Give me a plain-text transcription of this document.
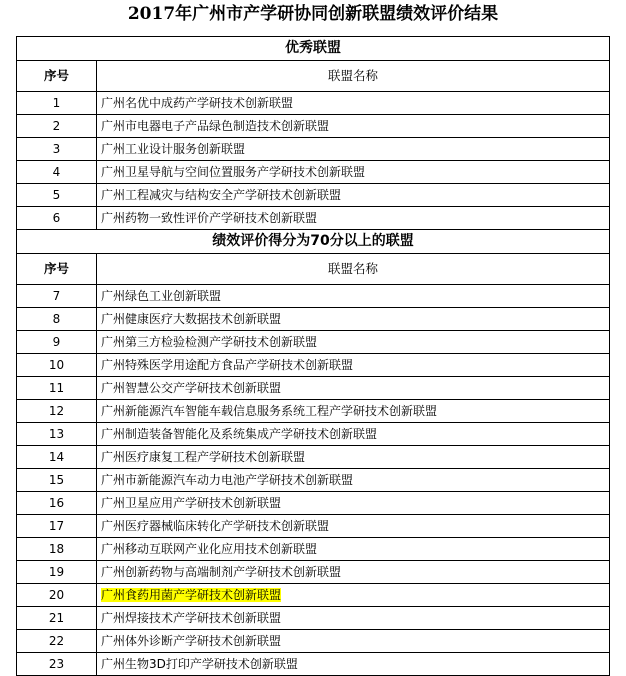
2017年广州市产学研协同创新联盟绩效评价结果
优秀联盟	
序号	联盟名称
1	广州名优中成药产学研技术创新联盟
2	广州市电器电子产品绿色制造技术创新联盟
3	广州工业设计服务创新联盟
4	广州卫星导航与空间位置服务产学研技术创新联盟
5	广州工程减灾与结构安全产学研技术创新联盟
6	广州药物一致性评价产学研技术创新联盟
绩效评价得分为70分以上的联盟	
序号	联盟名称
7	广州绿色工业创新联盟
8	广州健康医疗大数据技术创新联盟
9	广州第三方检验检测产学研技术创新联盟
10	广州特殊医学用途配方食品产学研技术创新联盟
11	广州智慧公交产学研技术创新联盟
12	广州新能源汽车智能车载信息服务系统工程产学研技术创新联盟
13	广州制造装备智能化及系统集成产学研技术创新联盟
14	广州医疗康复工程产学研技术创新联盟
15	广州市新能源汽车动力电池产学研技术创新联盟
16	广州卫星应用产学研技术创新联盟
17	广州医疗器械临床转化产学研技术创新联盟
18	广州移动互联网产业化应用技术创新联盟
19	广州创新药物与高端制剂产学研技术创新联盟
20	广州食药用菌产学研技术创新联盟
21	广州焊接技术产学研技术创新联盟
22	广州体外诊断产学研技术创新联盟
23	广州生物3D打印产学研技术创新联盟
